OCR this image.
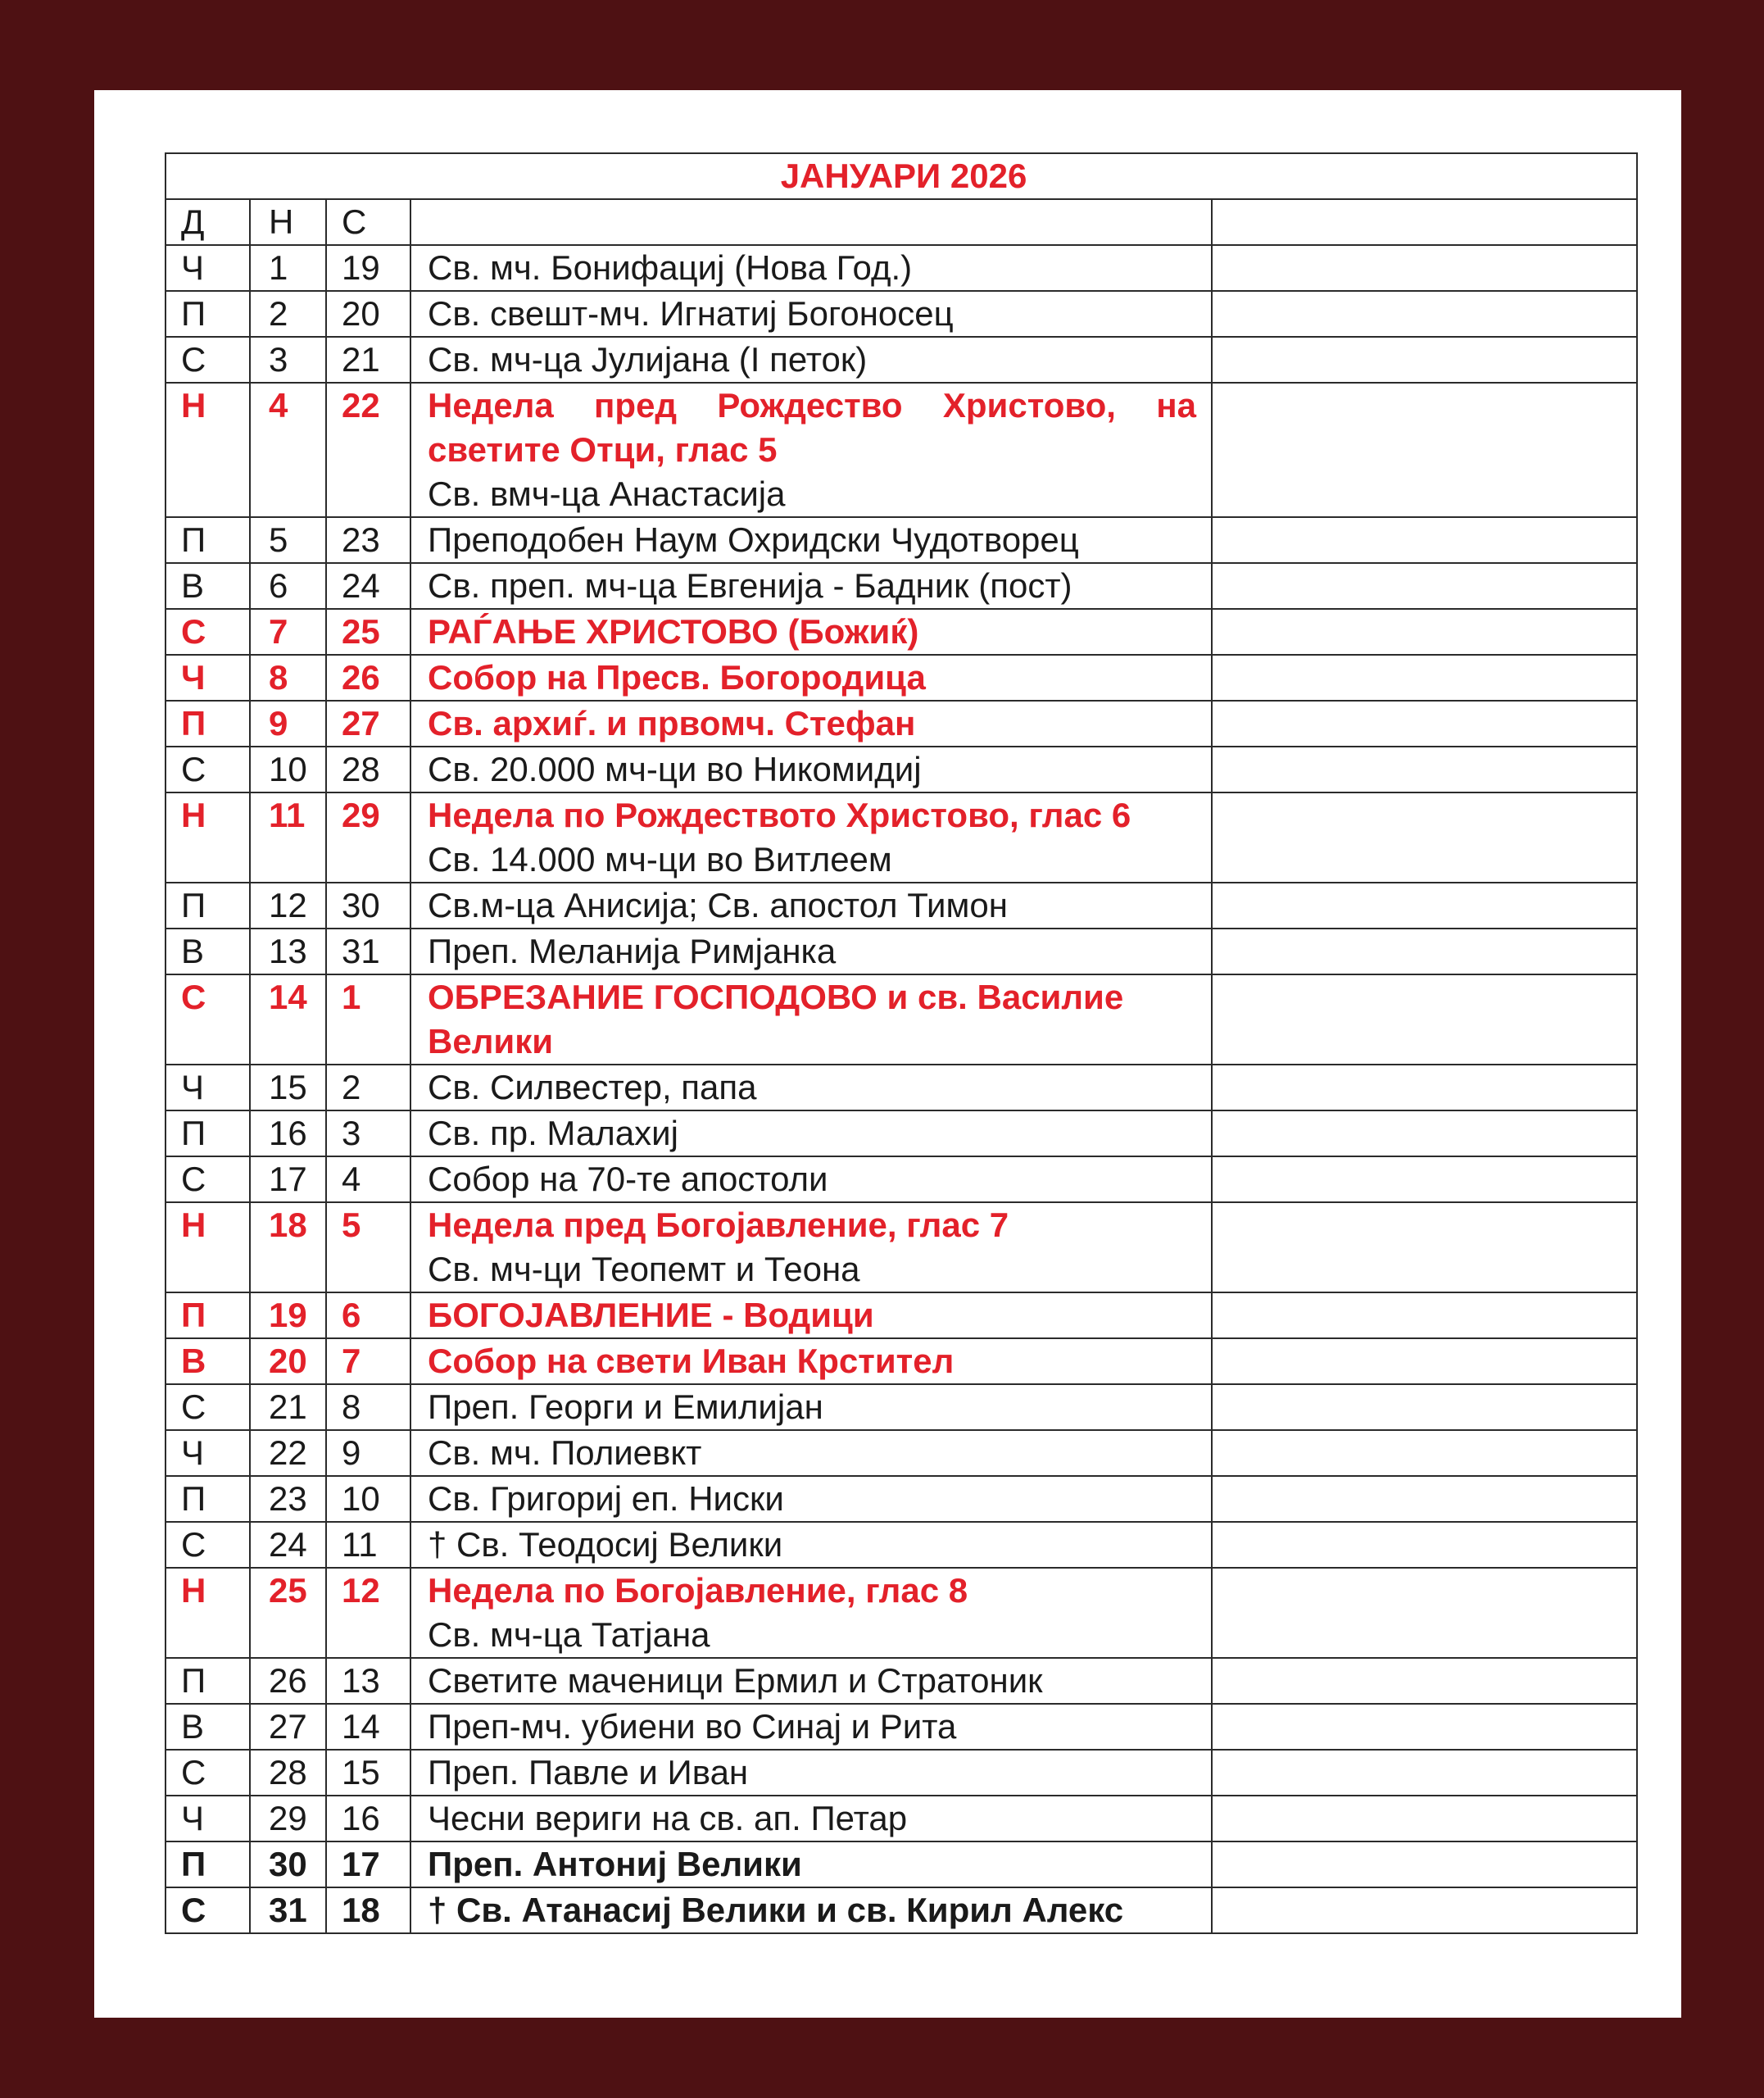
ЈАНУАРИ 2026				
Д	Н	С		
Ч	1	19	Св. мч. Бонифациј (Нова Год.)	

П	2	20	Св. свешт-мч. Игнатиј Богоносец	

С	3	21	Св. мч-ца Јулијана (I петок)	

Н	4	22	Недела пред Рождество Христово, на светите Отци, глас 5
Св. вмч-ца Анастасија	

П	5	23	Преподобен Наум Охридски Чудотворец	

В	6	24	Св. преп. мч-ца Евгенија - Бадник (пост)	

С	7	25	РАЃАЊЕ ХРИСТОВО (Божиќ)	

Ч	8	26	Собор на Пресв. Богородица	

П	9	27	Св. архиѓ. и првомч. Стефан	

С	10	28	Св. 20.000 мч-ци во Никомидиј	

Н	11	29	Недела по Рождеството Христово, глас 6
Св. 14.000 мч-ци во Витлеем	

П	12	30	Св.м-ца Анисија; Св. апостол Тимон	

В	13	31	Преп. Меланија Римјанка	

С	14	1	ОБРЕЗАНИЕ ГОСПОДОВО и св. Василие Велики	

Ч	15	2	Св. Силвестер, папа	

П	16	3	Св. пр. Малахиј	

С	17	4	Собор на 70-те апостоли	

Н	18	5	Недела пред Богојавление, глас 7
Св. мч-ци Теопемт и Теона	

П	19	6	БОГОЈАВЛЕНИЕ - Водици	

В	20	7	Собор на свети Иван Крстител	

С	21	8	Преп. Георги и Емилијан	

Ч	22	9	Св. мч. Полиевкт	

П	23	10	Св. Григориј еп. Ниски	

С	24	11	† Св. Теодосиј Велики	

Н	25	12	Недела по Богојавление, глас 8
Св. мч-ца Татјана	

П	26	13	Светите маченици Ермил и Стратоник	

В	27	14	Преп-мч. убиени во Синај и Рита	

С	28	15	Преп. Павле и Иван	

Ч	29	16	Чесни вериги на св. ап. Петар	

П	30	17	Преп. Антониј Велики	

С	31	18	† Св. Атанасиј Велики и св. Кирил Алекс	
